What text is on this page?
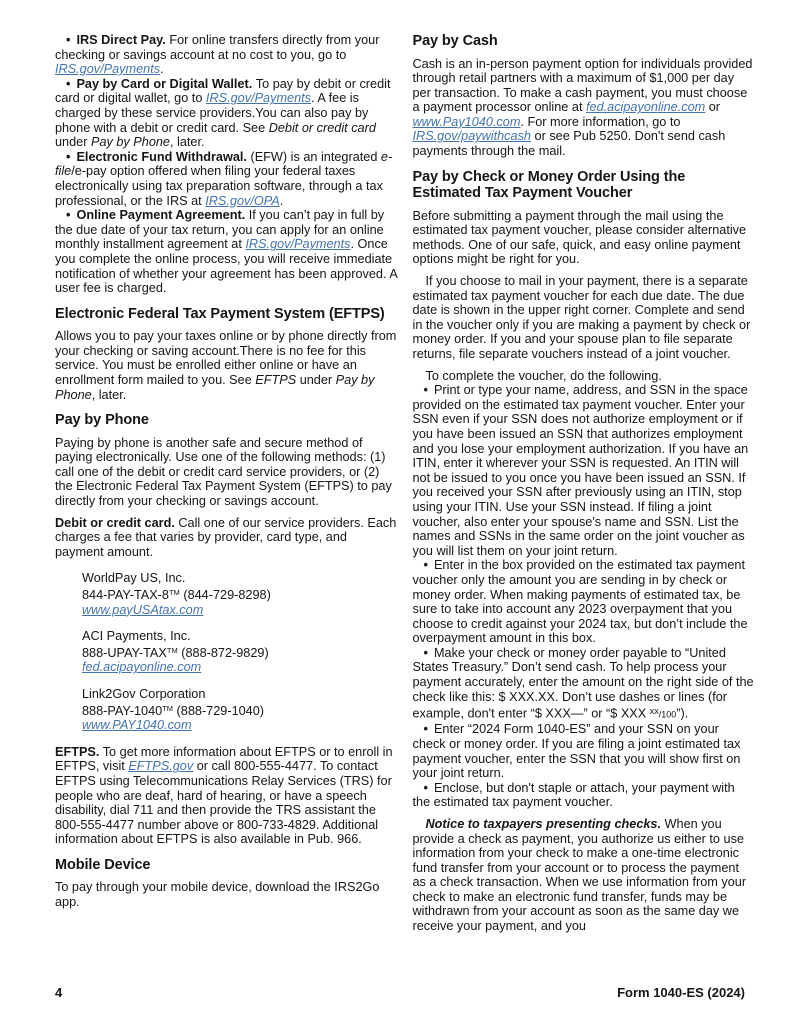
• IRS Direct Pay. For online transfers directly from your checking or savings account at no cost to you, go to IRS.gov/Payments.

• Pay by Card or Digital Wallet. To pay by debit or credit card or digital wallet, go to IRS.gov/Payments. A fee is charged by these service providers.You can also pay by phone with a debit or credit card. See Debit or credit card under Pay by Phone, later.

• Electronic Fund Withdrawal. (EFW) is an integrated e-file/e-pay option offered when filing your federal taxes electronically using tax preparation software, through a tax professional, or the IRS at IRS.gov/OPA.

• Online Payment Agreement. If you can’t pay in full by the due date of your tax return, you can apply for an online monthly installment agreement at IRS.gov/Payments. Once you complete the online process, you will receive immediate notification of whether your agreement has been approved. A user fee is charged.

Electronic Federal Tax Payment System (EFTPS)

Allows you to pay your taxes online or by phone directly from your checking or saving account.There is no fee for this service. You must be enrolled either online or have an enrollment form mailed to you. See EFTPS under Pay by Phone, later.

Pay by Phone

Paying by phone is another safe and secure method of paying electronically. Use one of the following methods: (1) call one of the debit or credit card service providers, or (2) the Electronic Federal Tax Payment System (EFTPS) to pay directly from your checking or savings account.

Debit or credit card. Call one of our service providers. Each charges a fee that varies by provider, card type, and payment amount.

WorldPay US, Inc.
844-PAY-TAX-8™ (844-729-8298)
www.payUSAtax.com
ACI Payments, Inc.
888-UPAY-TAX™ (888-872-9829)
fed.acipayonline.com
Link2Gov Corporation
888-PAY-1040™ (888-729-1040)
www.PAY1040.com

EFTPS. To get more information about EFTPS or to enroll in EFTPS, visit EFTPS.gov or call 800-555-4477. To contact EFTPS using Telecommunications Relay Services (TRS) for people who are deaf, hard of hearing, or have a speech disability, dial 711 and then provide the TRS assistant the 800-555-4477 number above or 800-733-4829. Additional information about EFTPS is also available in Pub. 966.

Mobile Device

To pay through your mobile device, download the IRS2Go app.

Pay by Cash

Cash is an in-person payment option for individuals provided through retail partners with a maximum of $1,000 per day per transaction. To make a cash payment, you must choose a payment processor online at fed.acipayonline.com or www.Pay1040.com. For more information, go to IRS.gov/paywithcash or see Pub 5250. Don't send cash payments through the mail.

Pay by Check or Money Order Using the Estimated Tax Payment Voucher

Before submitting a payment through the mail using the estimated tax payment voucher, please consider alternative methods. One of our safe, quick, and easy online payment options might be right for you.

If you choose to mail in your payment, there is a separate estimated tax payment voucher for each due date. The due date is shown in the upper right corner. Complete and send in the voucher only if you are making a payment by check or money order. If you and your spouse plan to file separate returns, file separate vouchers instead of a joint voucher.

To complete the voucher, do the following.

• Print or type your name, address, and SSN in the space provided on the estimated tax payment voucher. Enter your SSN even if your SSN does not authorize employment or if you have been issued an SSN that authorizes employment and you lose your employment authorization. If you have an ITIN, enter it wherever your SSN is requested. An ITIN will not be issued to you once you have been issued an SSN. If you received your SSN after previously using an ITIN, stop using your ITIN. Use your SSN instead. If filing a joint voucher, also enter your spouse's name and SSN. List the names and SSNs in the same order on the joint voucher as you will list them on your joint return.

• Enter in the box provided on the estimated tax payment voucher only the amount you are sending in by check or money order. When making payments of estimated tax, be sure to take into account any 2023 overpayment that you choose to credit against your 2024 tax, but don’t include the overpayment amount in this box.

• Make your check or money order payable to “United States Treasury.” Don’t send cash. To help process your payment accurately, enter the amount on the right side of the check like this: $ XXX.XX. Don’t use dashes or lines (for example, don't enter “$ XXX—” or “$ XXX $^{xx}$/100”).

• Enter “2024 Form 1040-ES” and your SSN on your check or money order. If you are filing a joint estimated tax payment voucher, enter the SSN that you will show first on your joint return.

• Enclose, but don't staple or attach, your payment with the estimated tax payment voucher.

Notice to taxpayers presenting checks. When you provide a check as payment, you authorize us either to use information from your check to make a one-time electronic fund transfer from your account or to process the payment as a check transaction. When we use information from your check to make an electronic fund transfer, funds may be withdrawn from your account as soon as the same day we receive your payment, and you

4	Form 1040-ES (2024)
